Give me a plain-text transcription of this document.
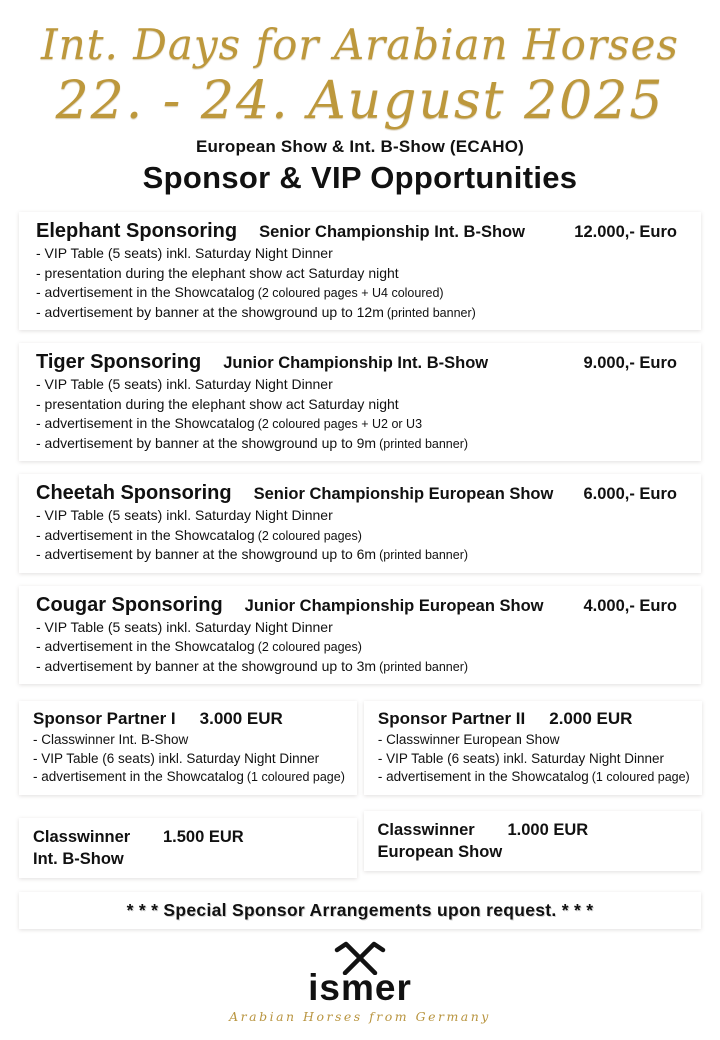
Int. Days for Arabian Horses
22. - 24. August 2025
European Show & Int. B-Show (ECAHO)
Sponsor & VIP Opportunities
Elephant Sponsoring Senior Championship Int. B-Show	12.000,- Euro
- VIP Table (5 seats) inkl. Saturday Night Dinner
- presentation during the elephant show act Saturday night
- advertisement in the Showcatalog (2 coloured pages + U4 coloured)
- advertisement by banner at the showground up to 12m (printed banner)
Tiger Sponsoring Junior Championship Int. B-Show	9.000,- Euro
- VIP Table (5 seats) inkl. Saturday Night Dinner
- presentation during the elephant show act Saturday night
- advertisement in the Showcatalog (2 coloured pages + U2 or U3
- advertisement by banner at the showground up to 9m (printed banner)
Cheetah Sponsoring Senior Championship European Show 6.000,- Euro
- VIP Table (5 seats) inkl. Saturday Night Dinner
- advertisement in the Showcatalog (2 coloured pages)
- advertisement by banner at the showground up to 6m (printed banner)
Cougar Sponsoring Junior Championship European Show 4.000,- Euro
- VIP Table (5 seats) inkl. Saturday Night Dinner
- advertisement in the Showcatalog (2 coloured pages)
- advertisement by banner at the showground up to 3m (printed banner)
Sponsor Partner I 3.000 EUR
- Classwinner Int. B-Show
- VIP Table (6 seats) inkl. Saturday Night Dinner
- advertisement in the Showcatalog (1 coloured page)
Sponsor Partner II 2.000 EUR
- Classwinner European Show
- VIP Table (6 seats) inkl. Saturday Night Dinner
- advertisement in the Showcatalog (1 coloured page)
Classwinner
Int. B-Show
1.500 EUR	Classwinner
European Show
1.000 EUR
* * * Special Sponsor Arrangements upon request. * * *
ismer
Arabian Horses from Germany
